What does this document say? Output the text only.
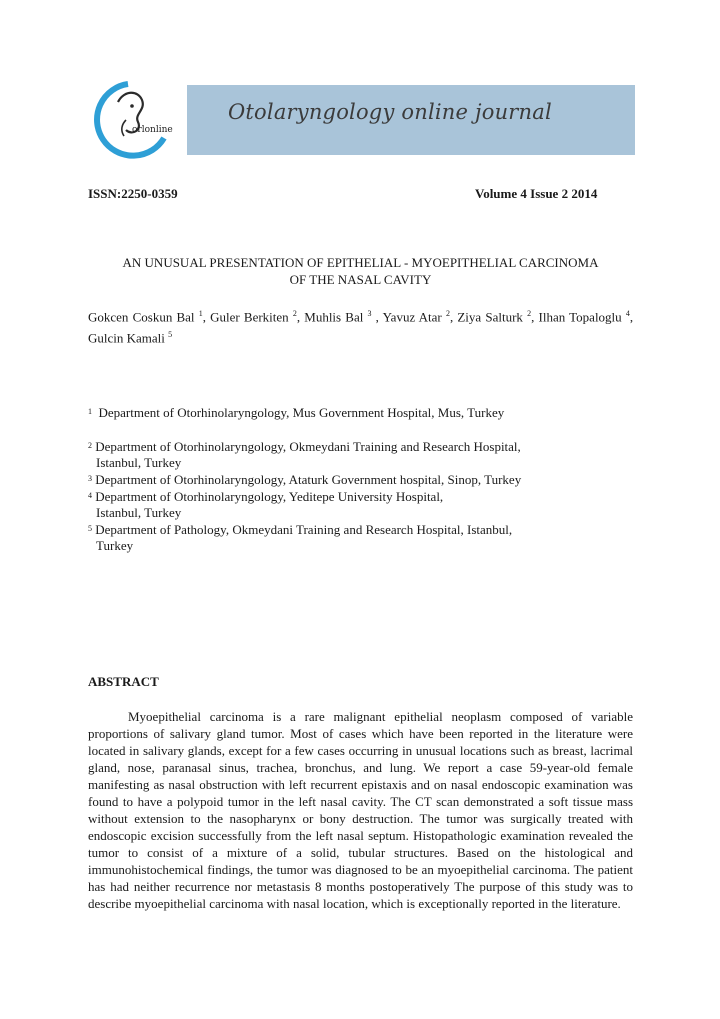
orlonline
Otolaryngology online journal
ISSN:2250-0359	Volume 4 Issue 2 2014
AN UNUSUAL PRESENTATION OF EPITHELIAL - MYOEPITHELIAL CARCINOMA
OF THE NASAL CAVITY
Gokcen Coskun Bal $^1$, Guler Berkiten $^2$, Muhlis Bal $^3$ , Yavuz Atar $^2$, Ziya Salturk $^2$, Ilhan Topaloglu $^4$, Gulcin Kamali $^5$
$^1$ Department of Otorhinolaryngology, Mus Government Hospital, Mus, Turkey
$^2$ Department of Otorhinolaryngology, Okmeydani Training and Research Hospital,
Istanbul, Turkey
$^3$ Department of Otorhinolaryngology, Ataturk Government hospital, Sinop, Turkey
$^4$ Department of Otorhinolaryngology, Yeditepe University Hospital,
Istanbul, Turkey
$^5$ Department of Pathology, Okmeydani Training and Research Hospital, Istanbul,
Turkey
ABSTRACT
Myoepithelial carcinoma is a rare malignant epithelial neoplasm composed of variable proportions of salivary gland tumor. Most of cases which have been reported in the literature were located in salivary glands, except for a few cases occurring in unusual locations such as breast, lacrimal gland, nose, paranasal sinus, trachea, bronchus, and lung. We report a case 59-year-old female manifesting as nasal obstruction with left recurrent epistaxis and on nasal endoscopic examination was found to have a polypoid tumor in the left nasal cavity. The CT scan demonstrated a soft tissue mass without extension to the nasopharynx or bony destruction. The tumor was surgically treated with endoscopic excision successfully from the left nasal septum. Histopathologic examination revealed the tumor to consist of a mixture of a solid, tubular structures. Based on the histological and immunohistochemical findings, the tumor was diagnosed to be an myoepithelial carcinoma. The patient has had neither recurrence nor metastasis 8 months postoperatively The purpose of this study was to describe myoepithelial carcinoma with nasal location, which is exceptionally reported in the literature.
